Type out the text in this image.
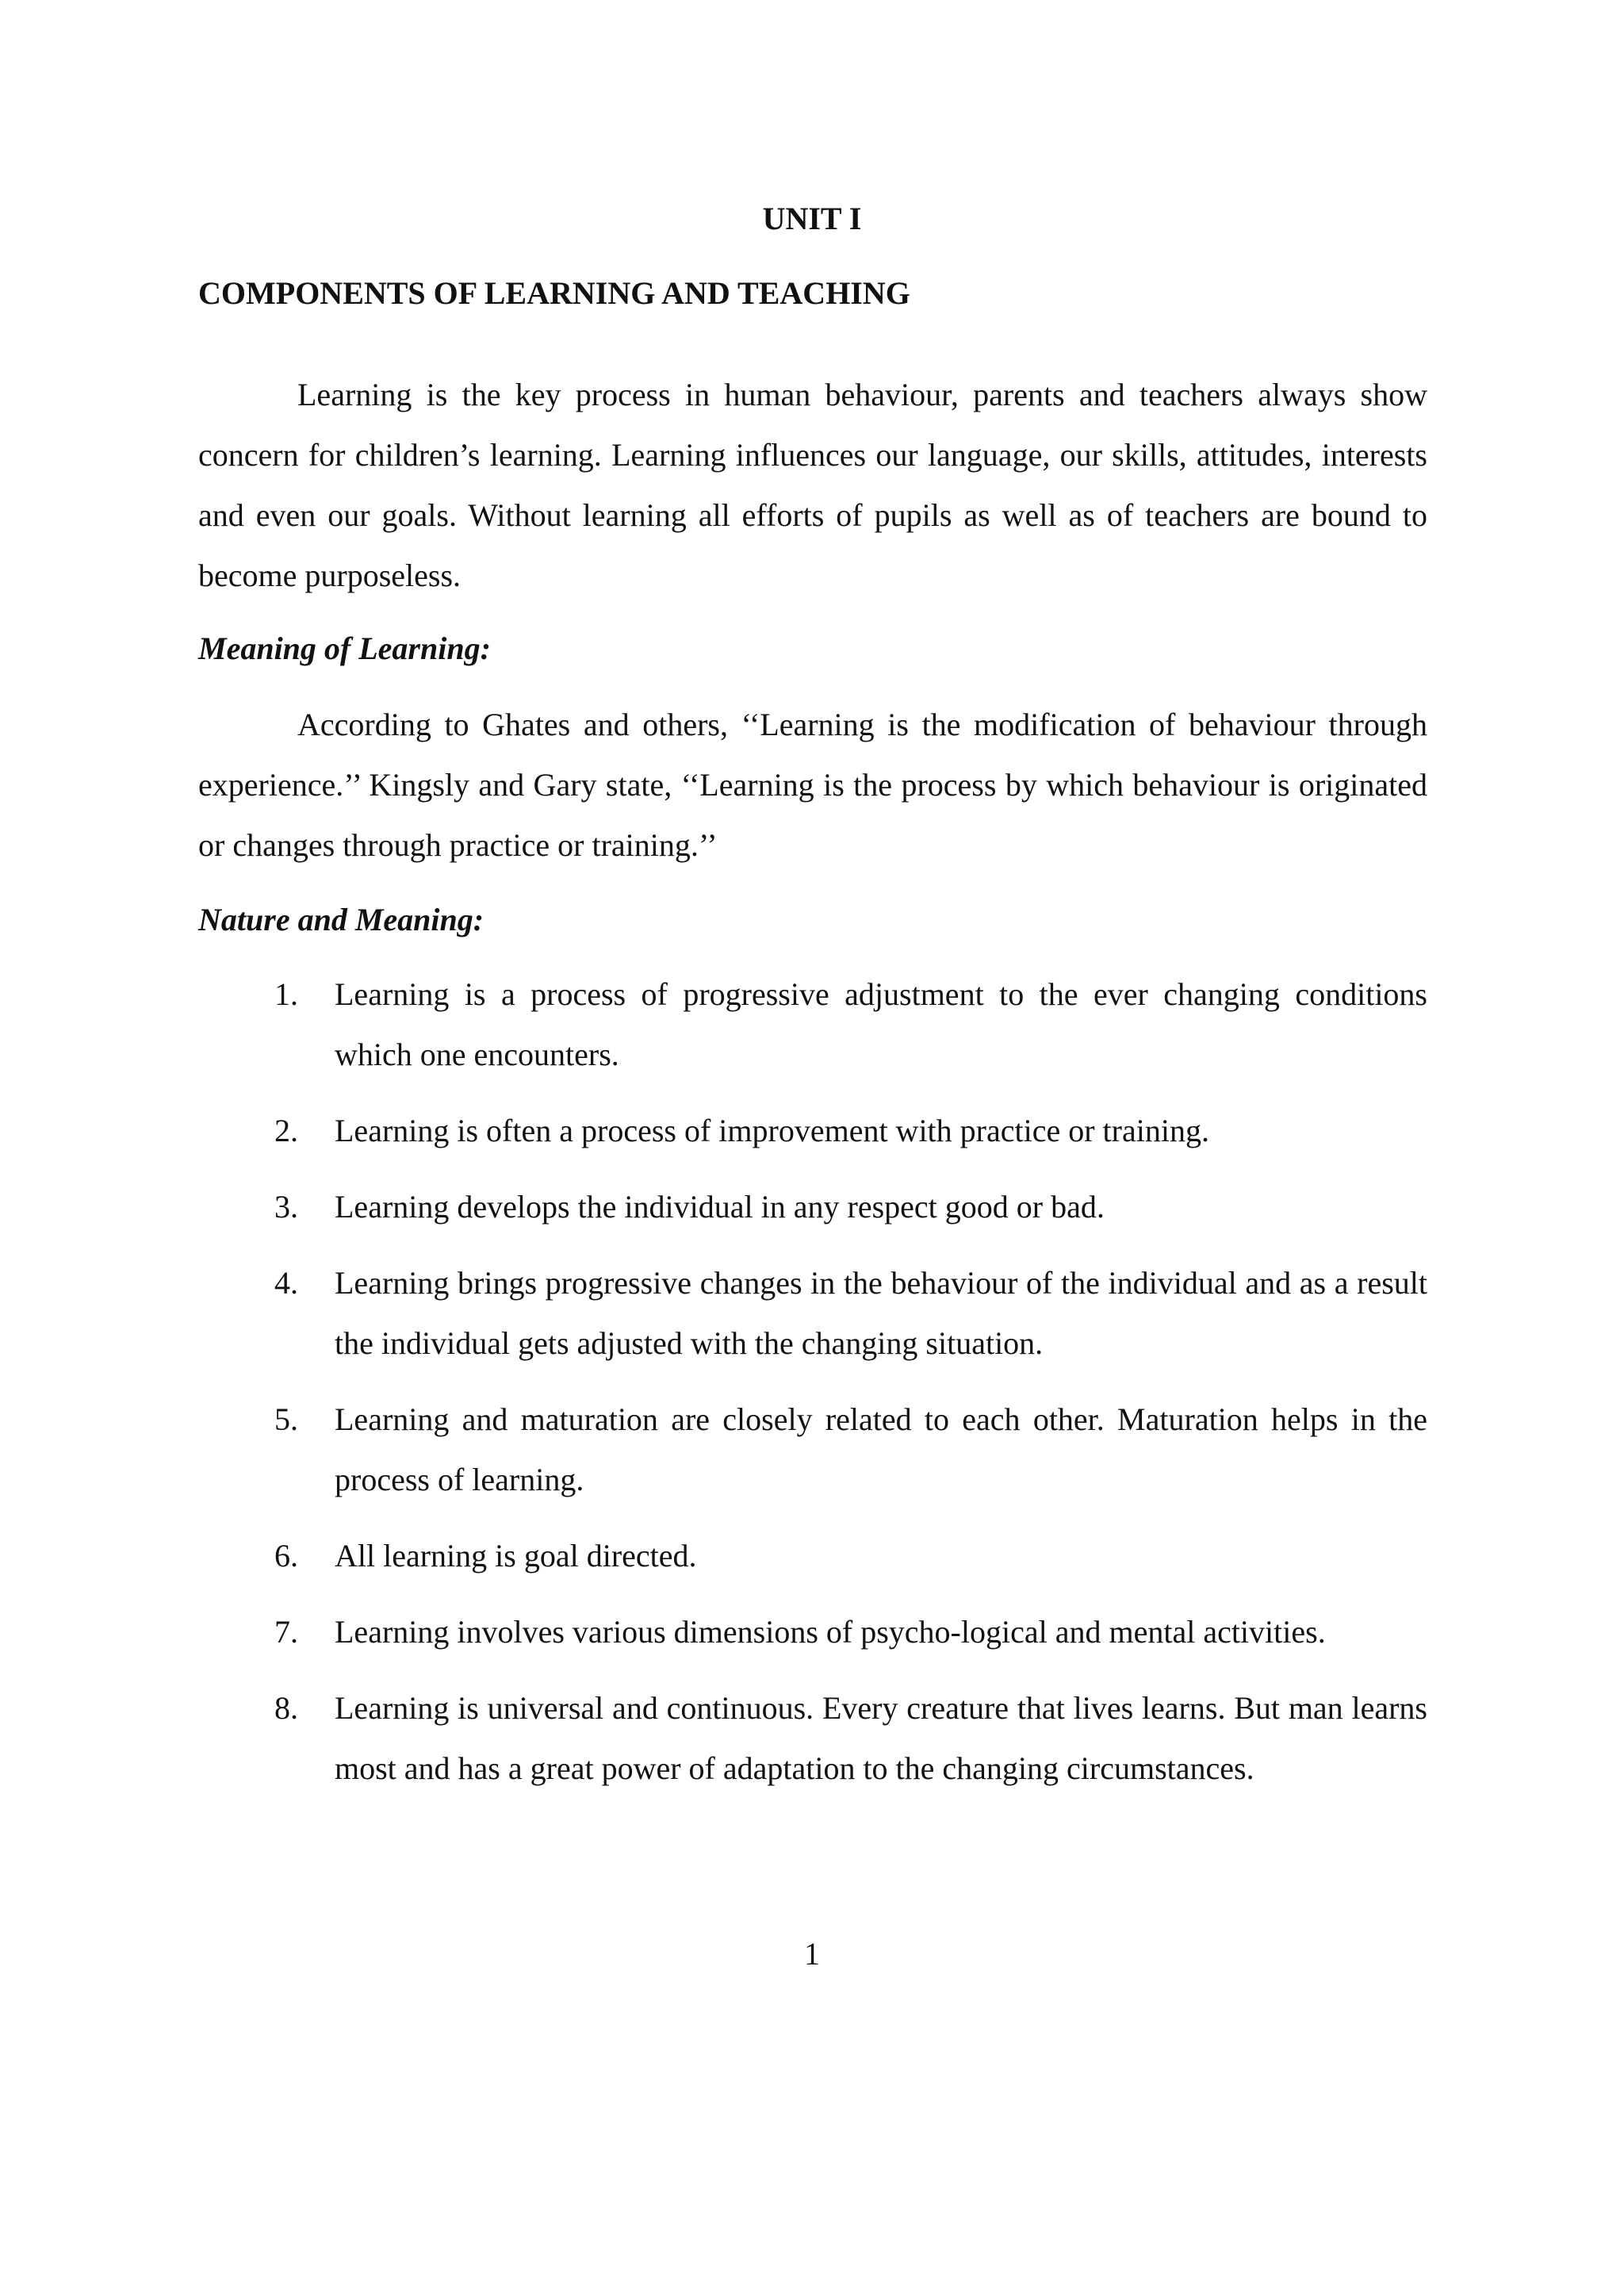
UNIT I
COMPONENTS OF LEARNING AND TEACHING

Learning is the key process in human behaviour, parents and teachers always show concern for children’s learning. Learning influences our language, our skills, attitudes, interests and even our goals. Without learning all efforts of pupils as well as of teachers are bound to become purposeless.

Meaning of Learning:

According to Ghates and others, ‘‘Learning is the modification of behaviour through experience.’’ Kingsly and Gary state, ‘‘Learning is the process by which behaviour is originated or changes through practice or training.’’

Nature and Meaning:
1. Learning is a process of progressive adjustment to the ever changing conditions which one encounters.
2. Learning is often a process of improvement with practice or training.
3. Learning develops the individual in any respect good or bad.
4. Learning brings progressive changes in the behaviour of the individual and as a result the individual gets adjusted with the changing situation.
5. Learning and maturation are closely related to each other. Maturation helps in the process of learning.
6. All learning is goal directed.
7. Learning involves various dimensions of psycho-logical and mental activities.
8. Learning is universal and continuous. Every creature that lives learns. But man learns most and has a great power of adaptation to the changing circumstances.
1
